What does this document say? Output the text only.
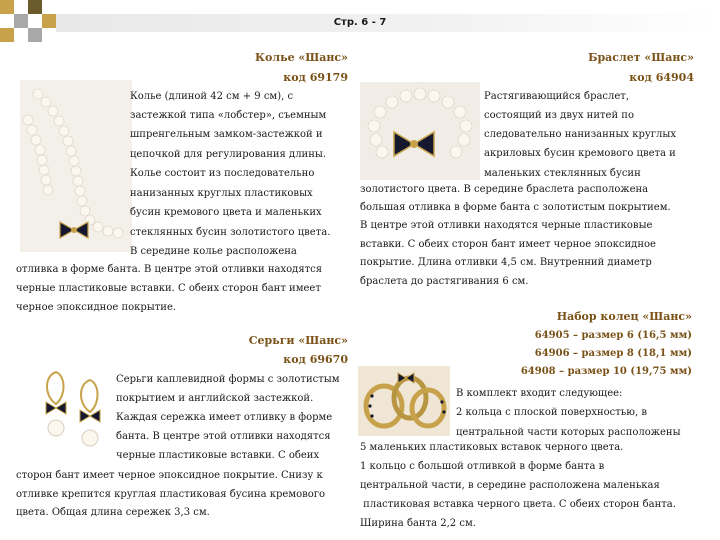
Стр. 6 - 7
Колье «Шанс»
код 69179
Колье (длиной 42 см + 9 см), с
застежкой типа «лобстер», съемным
шпренгельным замком-застежкой и
цепочкой для регулирования длины.
Колье состоит из последовательно
нанизанных круглых пластиковых
бусин кремового цвета и маленьких
стеклянных бусин золотистого цвета.
В середине колье расположена
отливка в форме банта. В центре этой отливки находятся
черные пластиковые вставки. С обеих сторон бант имеет
черное эпоксидное покрытие.
Браслет «Шанс»
код 64904
Растягивающийся браслет,
состоящий из двух нитей по
следовательно нанизанных круглых
акриловых бусин кремового цвета и
маленьких стеклянных бусин
золотистого цвета. В середине браслета расположена
большая отливка в форме банта с золотистым покрытием.
В центре этой отливки находятся черные пластиковые
вставки. С обеих сторон бант имеет черное эпоксидное
покрытие. Длина отливки 4,5 см. Внутренний диаметр
браслета до растягивания 6 см.
Серьги «Шанс»
код 69670
Серьги каплевидной формы с золотистым
покрытием и английской застежкой.
Каждая сережка имеет отливку в форме
банта. В центре этой отливки находятся
черные пластиковые вставки. С обеих
сторон бант имеет черное эпоксидное покрытие. Снизу к
отливке крепится круглая пластиковая бусина кремового
цвета. Общая длина сережек 3,3 см.
Набор колец «Шанс»
64905 – размер 6 (16,5 мм)
64906 – размер 8 (18,1 мм)
64908 – размер 10 (19,75 мм)
В комплект входит следующее:
2 кольца с плоской поверхностью, в
центральной части которых расположены
5 маленьких пластиковых вставок черного цвета.
1 кольцо с большой отливкой в форме банта в
центральной части, в середине расположена маленькая
пластиковая вставка черного цвета. С обеих сторон банта.
Ширина банта 2,2 см.
